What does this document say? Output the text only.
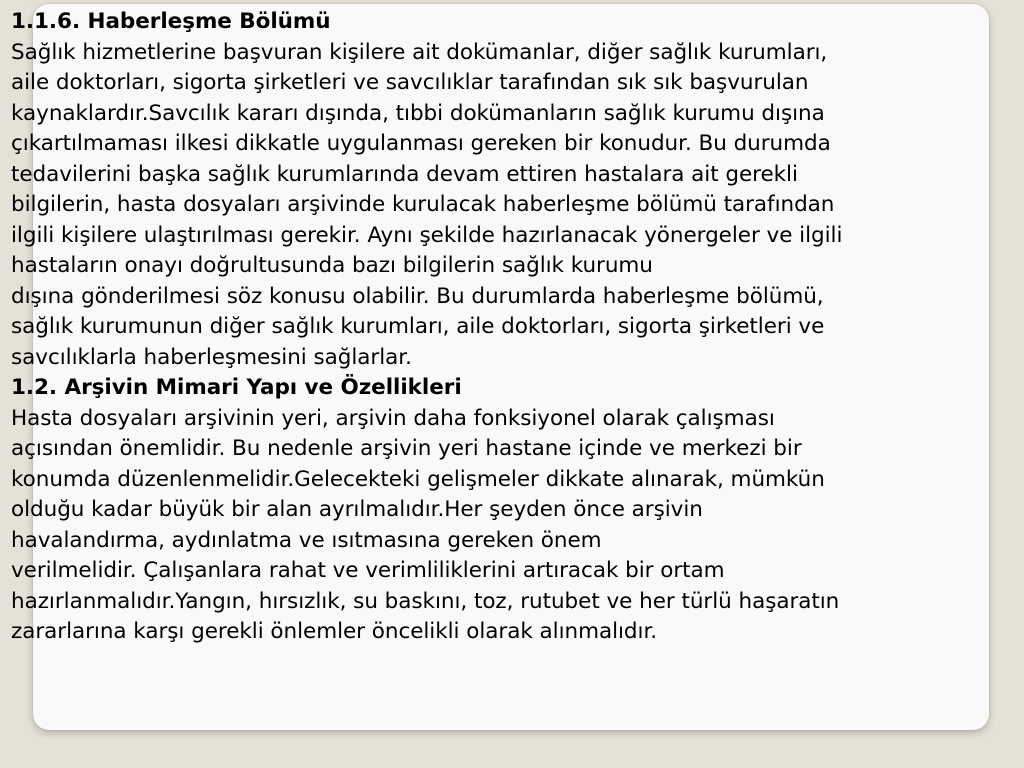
1.1.6. Haberleşme Bölümü

Sağlık hizmetlerine başvuran kişilere ait dokümanlar, diğer sağlık kurumları,
aile doktorları, sigorta şirketleri ve savcılıklar tarafından sık sık başvurulan
kaynaklardır.Savcılık kararı dışında, tıbbi dokümanların sağlık kurumu dışına
çıkartılmaması ilkesi dikkatle uygulanması gereken bir konudur. Bu durumda
tedavilerini başka sağlık kurumlarında devam ettiren hastalara ait gerekli
bilgilerin, hasta dosyaları arşivinde kurulacak haberleşme bölümü tarafından
ilgili kişilere ulaştırılması gerekir. Aynı şekilde hazırlanacak yönergeler ve ilgili
hastaların onayı doğrultusunda bazı bilgilerin sağlık kurumu
dışına gönderilmesi söz konusu olabilir. Bu durumlarda haberleşme bölümü,
sağlık kurumunun diğer sağlık kurumları, aile doktorları, sigorta şirketleri ve
savcılıklarla haberleşmesini sağlarlar.

1.2. Arşivin Mimari Yapı ve Özellikleri

Hasta dosyaları arşivinin yeri, arşivin daha fonksiyonel olarak çalışması
açısından önemlidir. Bu nedenle arşivin yeri hastane içinde ve merkezi bir
konumda düzenlenmelidir.Gelecekteki gelişmeler dikkate alınarak, mümkün
olduğu kadar büyük bir alan ayrılmalıdır.Her şeyden önce arşivin
havalandırma, aydınlatma ve ısıtmasına gereken önem
verilmelidir. Çalışanlara rahat ve verimliliklerini artıracak bir ortam
hazırlanmalıdır.Yangın, hırsızlık, su baskını, toz, rutubet ve her türlü haşaratın
zararlarına karşı gerekli önlemler öncelikli olarak alınmalıdır.
